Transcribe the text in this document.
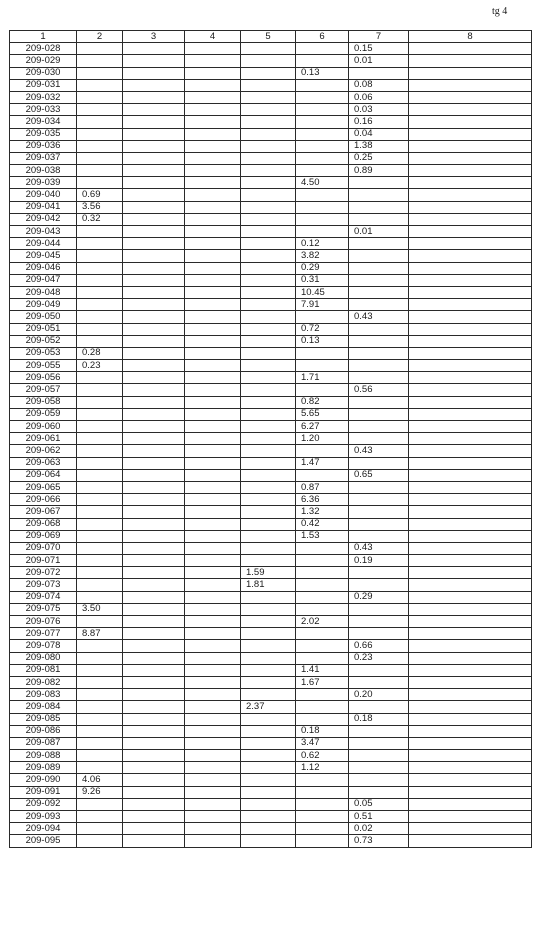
tg 4
1	2	3	4	5	6	7	8
209-028						0.15	
209-029						0.01	
209-030					0.13		
209-031						0.08	
209-032						0.06	
209-033						0.03	
209-034						0.16	
209-035						0.04	
209-036						1.38	
209-037						0.25	
209-038						0.89	
209-039					4.50		
209-040	0.69						
209-041	3.56						
209-042	0.32						
209-043						0.01	
209-044					0.12		
209-045					3.82		
209-046					0.29		
209-047					0.31		
209-048					10.45		
209-049					7.91		
209-050						0.43	
209-051					0.72		
209-052					0.13		
209-053	0.28						
209-055	0.23						
209-056					1.71		
209-057						0.56	
209-058					0.82		
209-059					5.65		
209-060					6.27		
209-061					1.20		
209-062						0.43	
209-063					1.47		
209-064						0.65	
209-065					0.87		
209-066					6.36		
209-067					1.32		
209-068					0.42		
209-069					1.53		
209-070						0.43	
209-071						0.19	
209-072				1.59			
209-073				1.81			
209-074						0.29	
209-075	3.50						
209-076					2.02		
209-077	8.87						
209-078						0.66	
209-080						0.23	
209-081					1.41		
209-082					1.67		
209-083						0.20	
209-084				2.37			
209-085						0.18	
209-086					0.18		
209-087					3.47		
209-088					0.62		
209-089					1.12		
209-090	4.06						
209-091	9.26						
209-092						0.05	
209-093						0.51	
209-094						0.02	
209-095						0.73	
